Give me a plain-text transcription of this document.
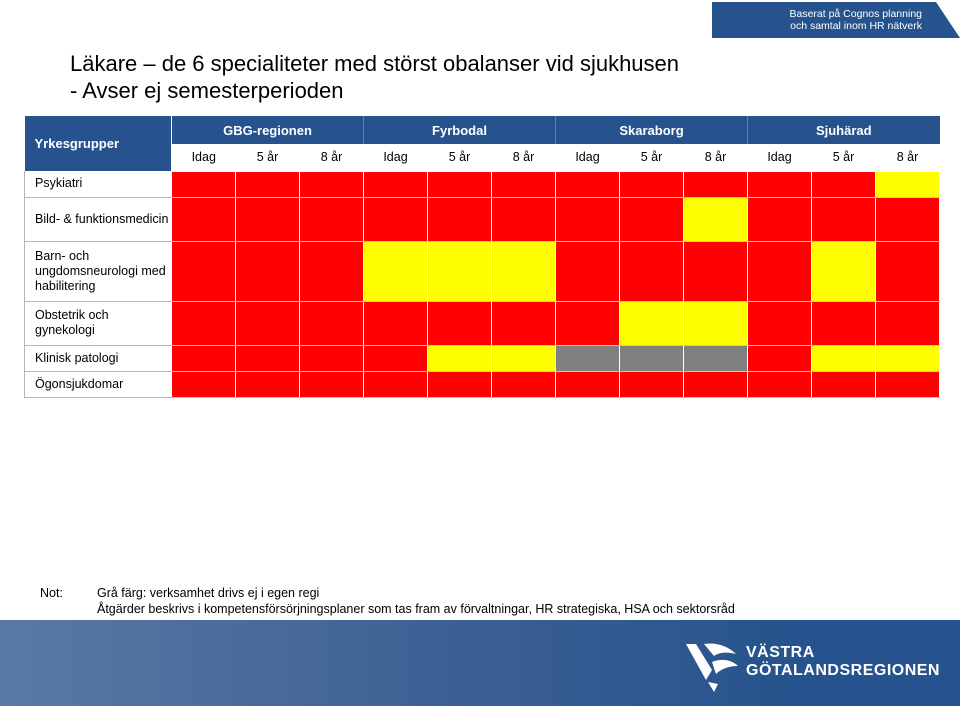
Baserat på Cognos planning
och samtal inom HR nätverk
Läkare – de 6 specialiteter med störst obalanser vid sjukhusen
- Avser ej semesterperioden
Yrkesgrupper	GBG-regionen			Fyrbodal			Skaraborg			Sjuhärad		
	Idag	5 år	8 år	Idag	5 år	8 år	Idag	5 år	8 år	Idag	5 år	8 år
Psykiatri												
Bild- & funktionsmedicin												
Barn- och ungdomsneurologi med habilitering												
Obstetrik och gynekologi												
Klinisk patologi												
Ögonsjukdomar												
Not:	Grå färg: verksamhet drivs ej i egen regi
Åtgärder beskrivs i kompetensförsörjningsplaner som tas fram av förvaltningar, HR strategiska, HSA och sektorsråd
VÄSTRA
GÖTALANDSREGIONEN
